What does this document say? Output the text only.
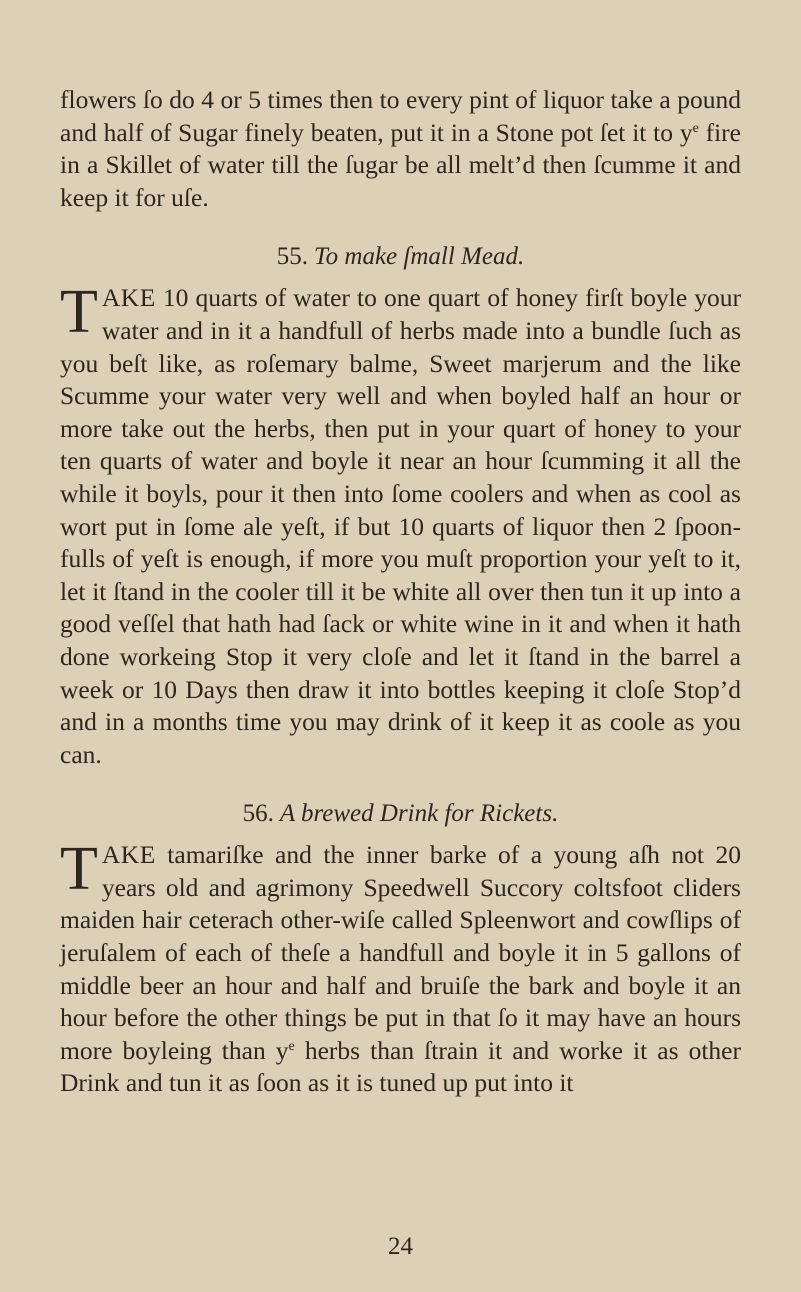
flowers ſo do 4 or 5 times then to every pint of liquor take a pound and half of Sugar finely beaten, put it in a Stone pot ſet it to $y^e$ fire in a Skillet of water till the ſugar be all melt’d then ſcumme it and keep it for uſe.

55. To make ſmall Mead.

TAKE 10 quarts of water to one quart of honey firſt boyle your water and in it a handfull of herbs made into a bundle ſuch as you beſt like, as roſemary balme, Sweet marjerum and the like Scumme your water very well and when boyled half an hour or more take out the herbs, then put in your quart of honey to your ten quarts of water and boyle it near an hour ſcumming it all the while it boyls, pour it then into ſome coolers and when as cool as wort put in ſome ale yeſt, if but 10 quarts of liquor then 2 ſpoon-fulls of yeſt is enough, if more you muſt proportion your yeſt to it, let it ſtand in the cooler till it be white all over then tun it up into a good veſſel that hath had ſack or white wine in it and when it hath done workeing Stop it very cloſe and let it ſtand in the barrel a week or 10 Days then draw it into bottles keeping it cloſe Stop’d and in a months time you may drink of it keep it as coole as you can.

56. A brewed Drink for Rickets.

TAKE tamariſke and the inner barke of a young aſh not 20 years old and agrimony Speedwell Succory coltsfoot cliders maiden hair ceterach other-wiſe called Spleenwort and cowſlips of jeruſalem of each of theſe a handfull and boyle it in 5 gallons of middle beer an hour and half and bruiſe the bark and boyle it an hour before the other things be put in that ſo it may have an hours more boyleing than $y^e$ herbs than ſtrain it and worke it as other Drink and tun it as ſoon as it is tuned up put into it

24
